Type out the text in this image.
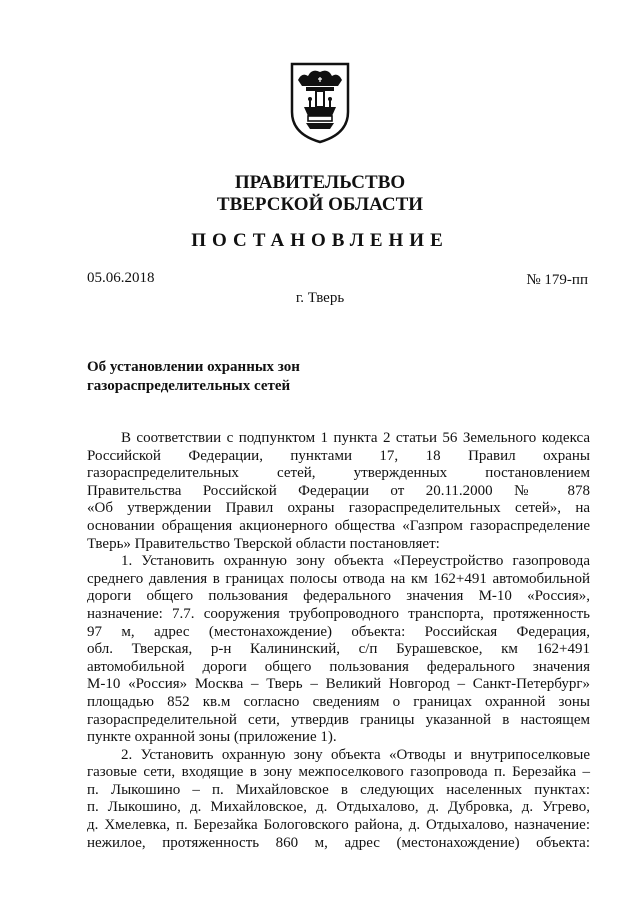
ПРАВИТЕЛЬСТВО
ТВЕРСКОЙ ОБЛАСТИ
ПОСТАНОВЛЕНИЕ
05.06.2018	№ 179-пп
г. Тверь
Об установлении охранных зон
газораспределительных сетей

В соответствии с подпунктом 1 пункта 2 статьи 56 Земельного кодекса
Российской Федерации, пунктами 17, 18 Правил охраны
газораспределительных сетей, утвержденных постановлением
Правительства Российской Федерации от 20.11.2000 № 878
«Об утверждении Правил охраны газораспределительных сетей», на
основании обращения акционерного общества «Газпром газораспределение
Тверь» Правительство Тверской области постановляет:

1. Установить охранную зону объекта «Переустройство газопровода
среднего давления в границах полосы отвода на км 162+491 автомобильной
дороги общего пользования федерального значения М-10 «Россия»,
назначение: 7.7. сооружения трубопроводного транспорта, протяженность
97 м, адрес (местонахождение) объекта: Российская Федерация,
обл. Тверская, р-н Калининский, с/п Бурашевское, км 162+491
автомобильной дороги общего пользования федерального значения
М-10 «Россия» Москва – Тверь – Великий Новгород – Санкт-Петербург»
площадью 852 кв.м согласно сведениям о границах охранной зоны
газораспределительной сети, утвердив границы указанной в настоящем
пункте охранной зоны (приложение 1).

2. Установить охранную зону объекта «Отводы и внутрипоселковые
газовые сети, входящие в зону межпоселкового газопровода п. Березайка –
п. Лыкошино – п. Михайловское в следующих населенных пунктах:
п. Лыкошино, д. Михайловское, д. Отдыхалово, д. Дубровка, д. Угрево,
д. Хмелевка, п. Березайка Бологовского района, д. Отдыхалово, назначение:
нежилое, протяженность 860 м, адрес (местонахождение) объекта:
